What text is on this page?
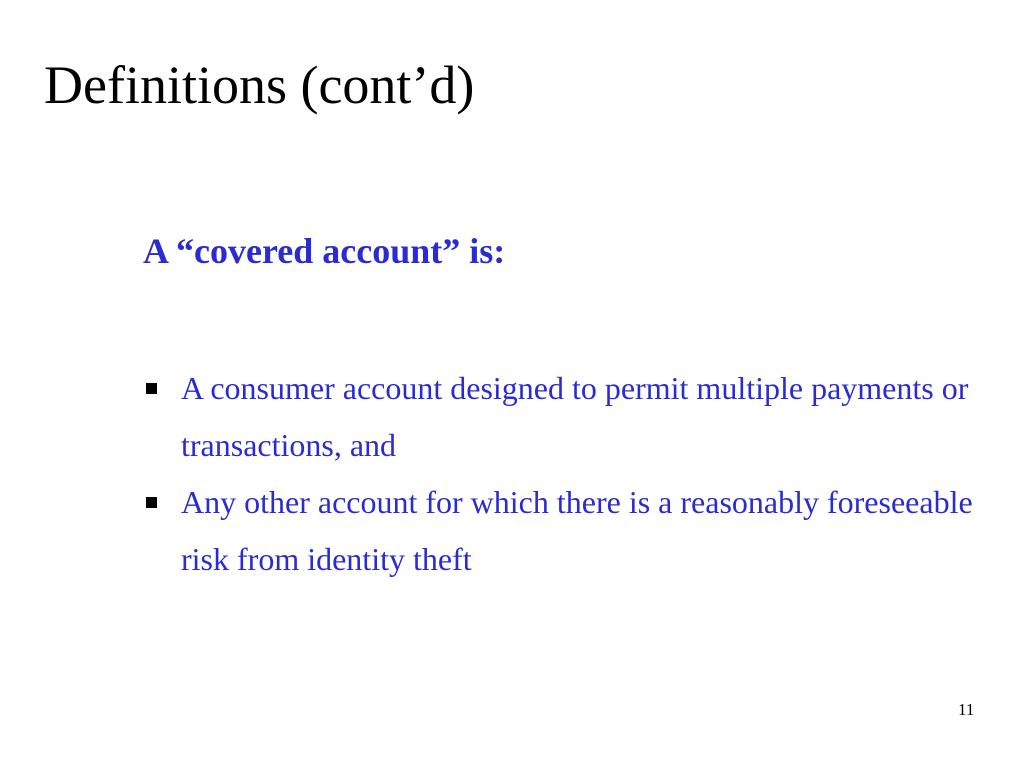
Definitions (cont’d)
A “covered account” is:
A consumer account designed to permit multiple payments or transactions, and
Any other account for which there is a reasonably foreseeable risk from identity theft
11
